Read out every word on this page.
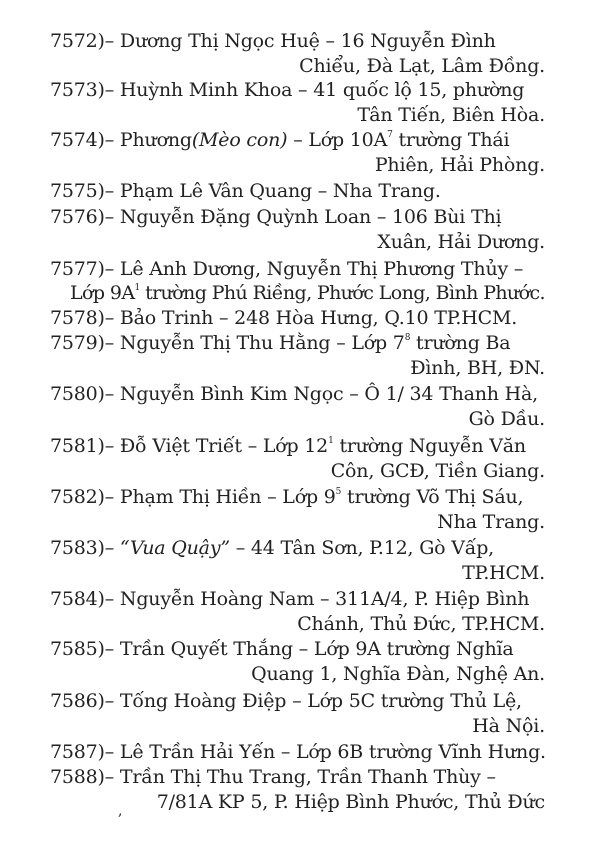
7572)– Dương Thị Ngọc Huệ – 16 Nguyễn Đình
Chiểu, Đà Lạt, Lâm Đồng.
7573)– Huỳnh Minh Khoa – 41 quốc lộ 15, phường
Tân Tiến, Biên Hòa.
7574)– Phương(Mèo con) – Lớp $10A^7$ trường Thái
Phiên, Hải Phòng.
7575)– Phạm Lê Vân Quang – Nha Trang.
7576)– Nguyễn Đặng Quỳnh Loan – 106 Bùi Thị
Xuân, Hải Dương.
7577)– Lê Anh Dương, Nguyễn Thị Phương Thủy –
Lớp $9A^1$ trường Phú Riềng, Phước Long, Bình Phước.
7578)– Bảo Trinh – 248 Hòa Hưng, Q.10 TP.HCM.
7579)– Nguyễn Thị Thu Hằng – Lớp $7^8$ trường Ba
Đình, BH, ĐN.
7580)– Nguyễn Bình Kim Ngọc – Ô 1/ 34 Thanh Hà,
Gò Dầu.
7581)– Đỗ Việt Triết – Lớp $12^1$ trường Nguyễn Văn
Côn, GCĐ, Tiền Giang.
7582)– Phạm Thị Hiền – Lớp $9^5$ trường Võ Thị Sáu,
Nha Trang.
7583)– “Vua Quậy” – 44 Tân Sơn, P.12, Gò Vấp,
TP.HCM.
7584)– Nguyễn Hoàng Nam – 311A/4, P. Hiệp Bình
Chánh, Thủ Đức, TP.HCM.
7585)– Trần Quyết Thắng – Lớp 9A trường Nghĩa
Quang 1, Nghĩa Đàn, Nghệ An.
7586)– Tống Hoàng Điệp – Lớp 5C trường Thủ Lệ,
Hà Nội.
7587)– Lê Trần Hải Yến – Lớp 6B trường Vĩnh Hưng.
7588)– Trần Thị Thu Trang, Trần Thanh Thùy –
, 7/81A KP 5, P. Hiệp Bình Phước, Thủ Đức
